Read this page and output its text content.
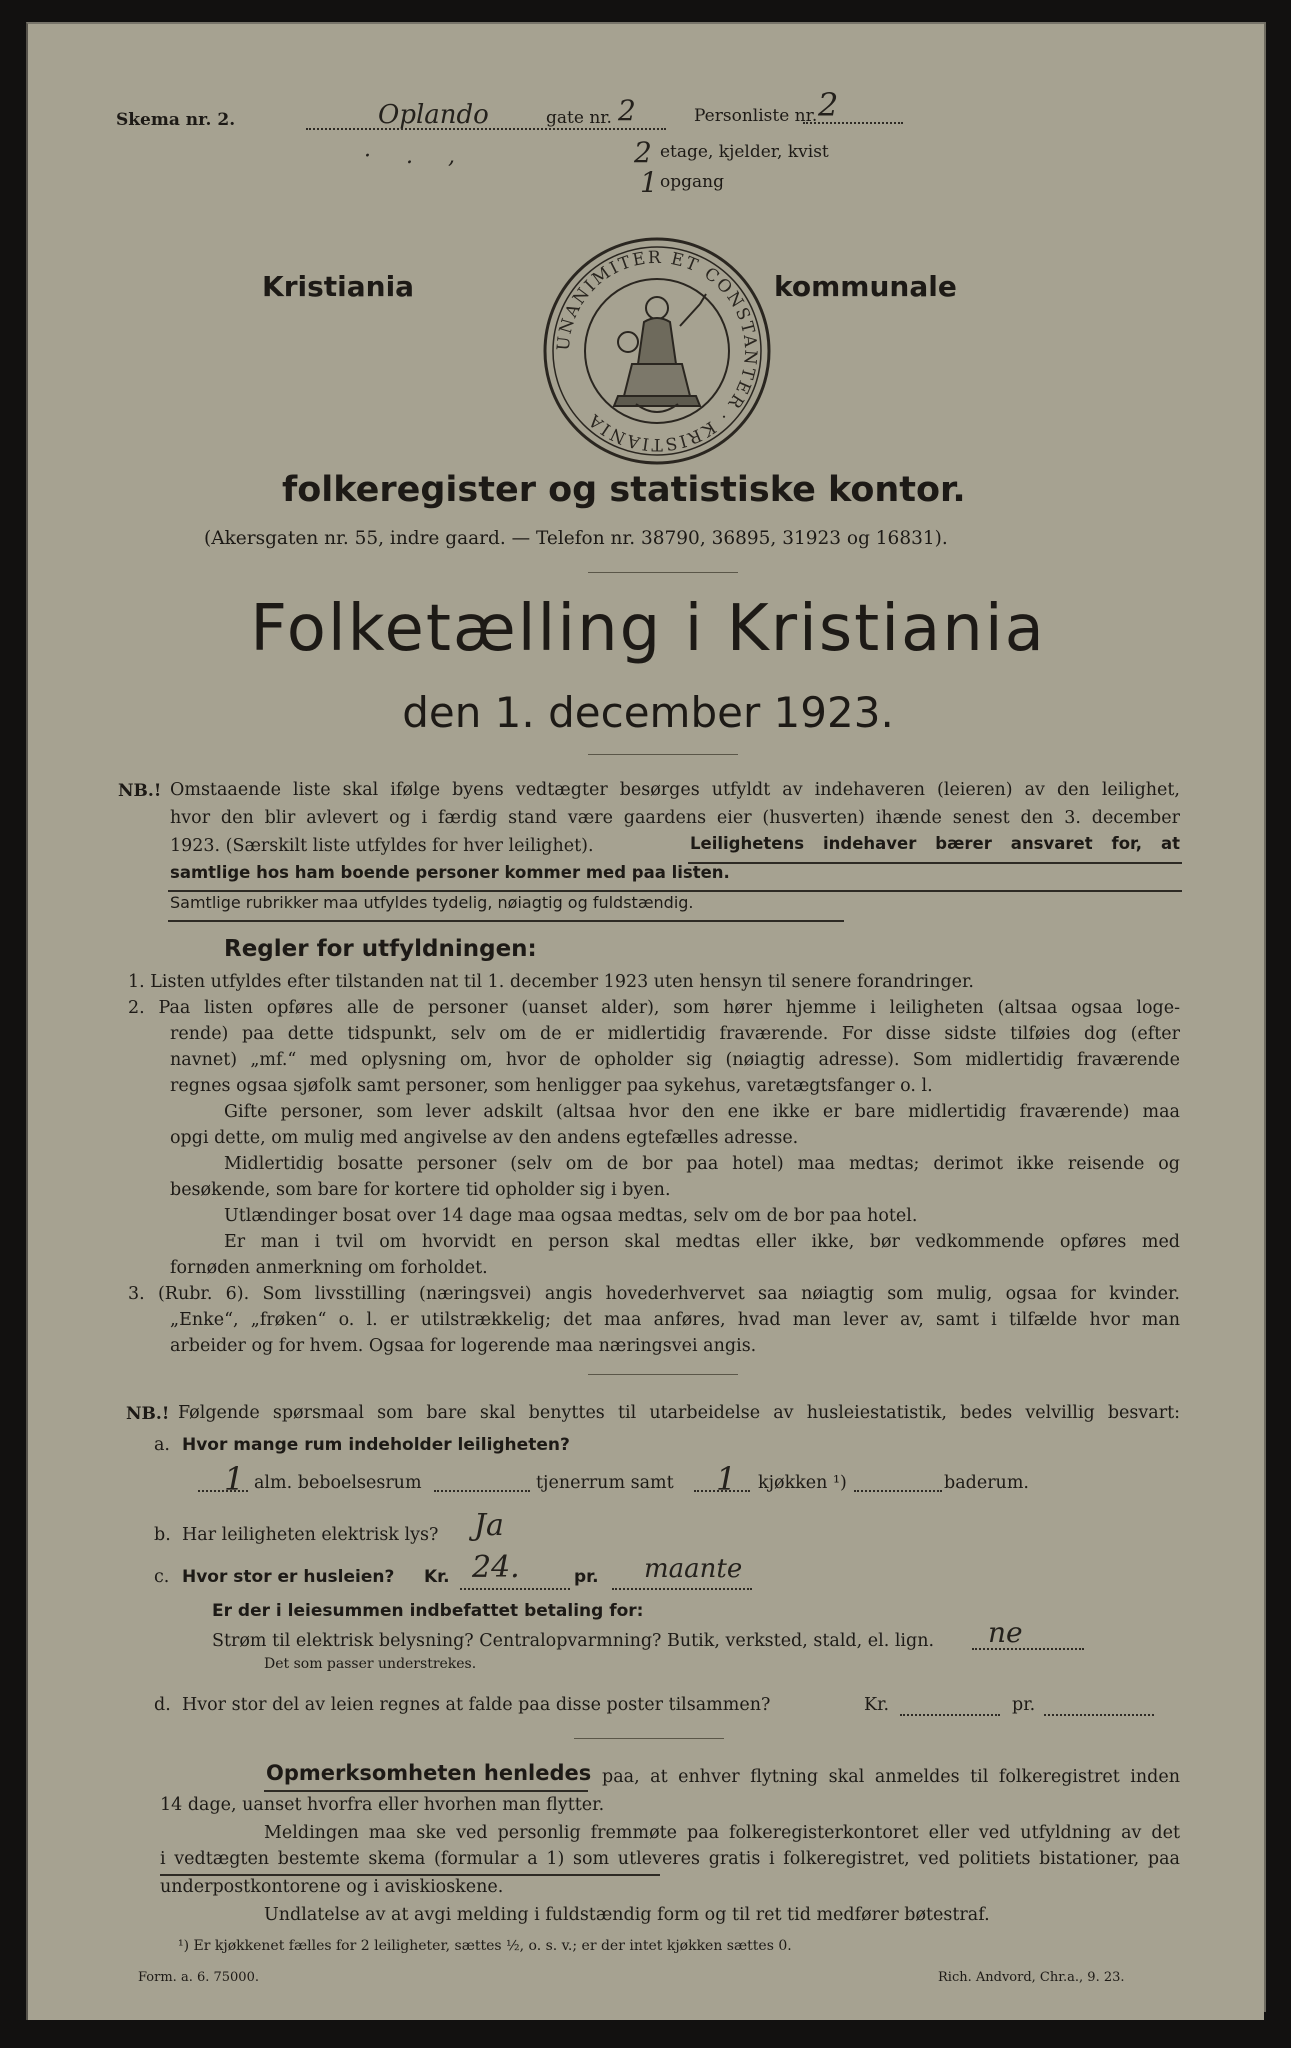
Skema nr. 2.	Oplando	gate nr. 2	Personliste nr. 2
· . ,	2 etage, kjelder, kvist
1 opgang
Kristiania
UNANIMITER ET CONSTANTER · KRISTIANIA
kommunale
folkeregister og statistiske kontor.
(Akersgaten nr. 55, indre gaard. — Telefon nr. 38790, 36895, 31923 og 16831).
Folketælling i Kristiania
den 1. december 1923.
NB.! Omstaaende liste skal ifølge byens vedtægter besørges utfyldt av indehaveren (leieren) av den leilighet,
hvor den blir avlevert og i færdig stand være gaardens eier (husverten) ihænde senest den 3. december
1923. (Særskilt liste utfyldes for hver leilighet).	Leilighetens indehaver bærer ansvaret for, at
samtlige hos ham boende personer kommer med paa listen.
Samtlige rubrikker maa utfyldes tydelig, nøiagtig og fuldstændig.
Regler for utfyldningen:
1. Listen utfyldes efter tilstanden nat til 1. december 1923 uten hensyn til senere forandringer.
2. Paa listen opføres alle de personer (uanset alder), som hører hjemme i leiligheten (altsaa ogsaa loge-
rende) paa dette tidspunkt, selv om de er midlertidig fraværende. For disse sidste tilføies dog (efter
navnet) „mf.“ med oplysning om, hvor de opholder sig (nøiagtig adresse). Som midlertidig fraværende
regnes ogsaa sjøfolk samt personer, som henligger paa sykehus, varetægtsfanger o. l.
Gifte personer, som lever adskilt (altsaa hvor den ene ikke er bare midlertidig fraværende) maa
opgi dette, om mulig med angivelse av den andens egtefælles adresse.
Midlertidig bosatte personer (selv om de bor paa hotel) maa medtas; derimot ikke reisende og
besøkende, som bare for kortere tid opholder sig i byen.
Utlændinger bosat over 14 dage maa ogsaa medtas, selv om de bor paa hotel.
Er man i tvil om hvorvidt en person skal medtas eller ikke, bør vedkommende opføres med
fornøden anmerkning om forholdet.
3. (Rubr. 6). Som livsstilling (næringsvei) angis hovederhvervet saa nøiagtig som mulig, ogsaa for kvinder.
„Enke“, „frøken“ o. l. er utilstrækkelig; det maa anføres, hvad man lever av, samt i tilfælde hvor man
arbeider og for hvem. Ogsaa for logerende maa næringsvei angis.
NB.! Følgende spørsmaal som bare skal benyttes til utarbeidelse av husleiestatistik, bedes velvillig besvart:
a. Hvor mange rum indeholder leiligheten?
1 alm. beboelsesrum	tjenerrum samt 1 kjøkken ¹)	baderum.
b. Har leiligheten elektrisk lys? Ja
c. Hvor stor er husleien? Kr. 24.	pr. maante
Er der i leiesummen indbefattet betaling for:
Strøm til elektrisk belysning? Centralopvarmning? Butik, verksted, stald, el. lign. ne
Det som passer understrekes.
d. Hvor stor del av leien regnes at falde paa disse poster tilsammen?	Kr.	pr.
Opmerksomheten henledes paa, at enhver flytning skal anmeldes til folkeregistret inden
14 dage, uanset hvorfra eller hvorhen man flytter.
Meldingen maa ske ved personlig fremmøte paa folkeregisterkontoret eller ved utfyldning av det
i vedtægten bestemte skema (formular a 1) som utleveres gratis i folkeregistret, ved politiets bistationer, paa
underpostkontorene og i aviskioskene.
Undlatelse av at avgi melding i fuldstændig form og til ret tid medfører bøtestraf.
¹) Er kjøkkenet fælles for 2 leiligheter, sættes ½, o. s. v.; er der intet kjøkken sættes 0.
Form. a. 6. 75000.	Rich. Andvord, Chr.a., 9. 23.
